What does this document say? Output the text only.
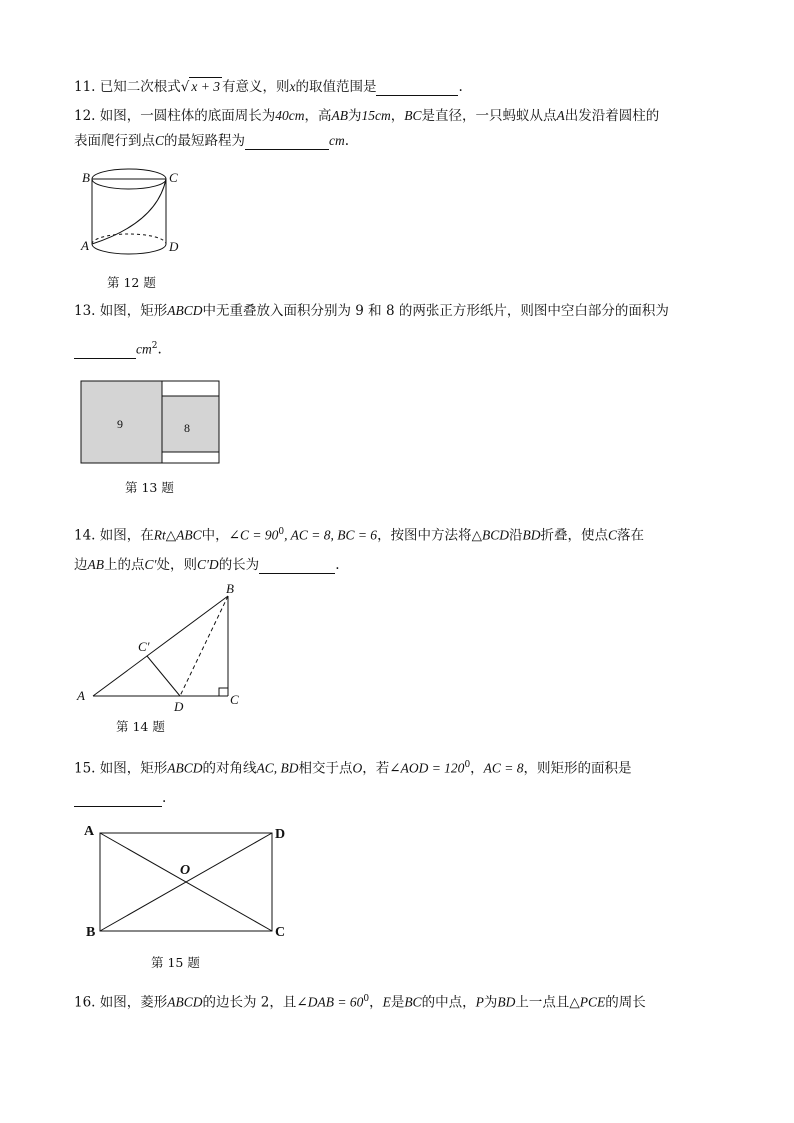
11. 已知二次根式√ x + 3 有意义，则x的取值范围是	.
12. 如图，一圆柱体的底面周长为40cm，高AB为15cm，BC是直径，一只蚂蚁从点A出发沿着圆柱的
表面爬行到点C的最短路程为	cm.
B	C
A	D
第 12 题
13. 如图，矩形ABCD中无重叠放入面积分别为 9 和 8 的两张正方形纸片，则图中空白部分的面积为
$cm^2$.
9	8
第 13 题
14. 如图，在Rt△ABC中，∠C = $90^0$, AC = 8, BC = 6，按图中方法将△BCD沿BD折叠，使点C落在
边AB上的点C′处，则C′D的长为	.
B
C′
A
D	C
第 14 题
15. 如图，矩形ABCD的对角线AC, BD相交于点O，若∠AOD = $120^0$，AC = 8，则矩形的面积是
.
A	D
O
B	C
第 15 题
16. 如图，菱形ABCD的边长为 2，且∠DAB = $60^0$，E是BC的中点，P为BD上一点且△PCE的周长
